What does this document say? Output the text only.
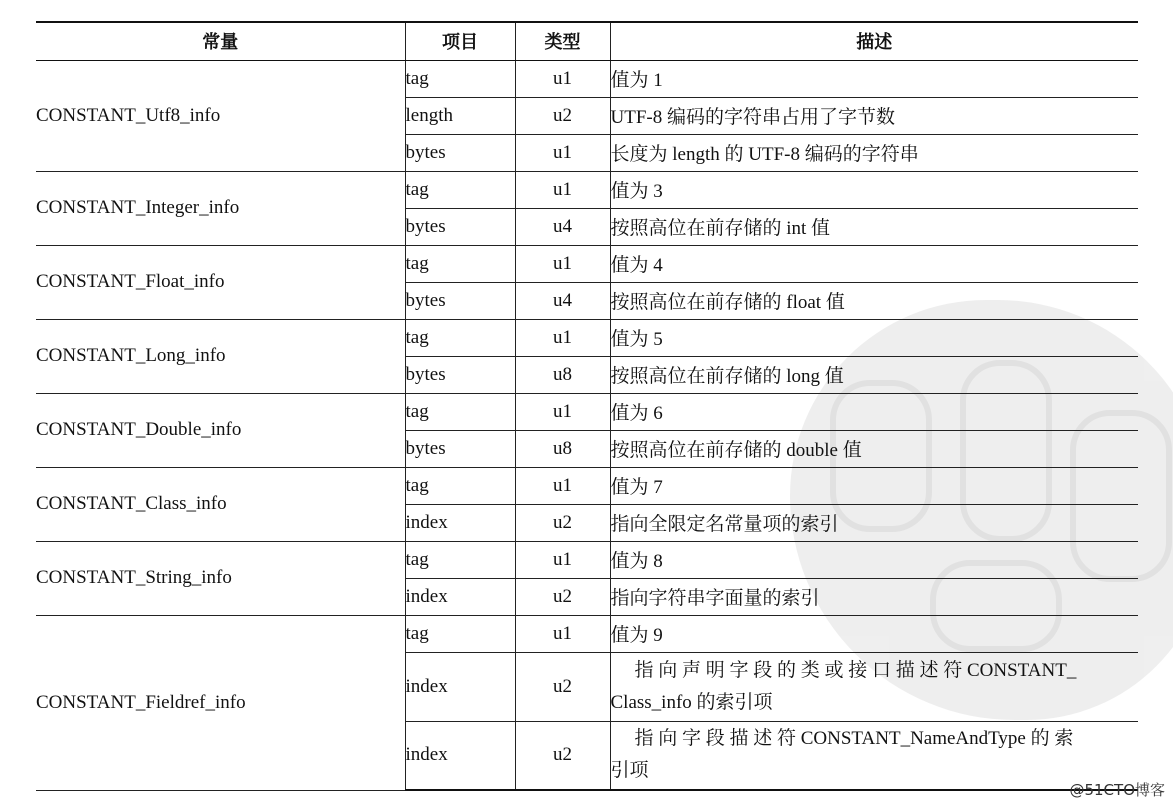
常量	项目	类型	描述
CONSTANT_Utf8_info	tag	u1	值为 1
	length	u2	UTF-8 编码的字符串占用了字节数
	bytes	u1	长度为 length 的 UTF-8 编码的字符串
CONSTANT_Integer_info	tag	u1	值为 3
	bytes	u4	按照高位在前存储的 int 值
CONSTANT_Float_info	tag	u1	值为 4
	bytes	u4	按照高位在前存储的 float 值
CONSTANT_Long_info	tag	u1	值为 5
	bytes	u8	按照高位在前存储的 long 值
CONSTANT_Double_info	tag	u1	值为 6
	bytes	u8	按照高位在前存储的 double 值
CONSTANT_Class_info	tag	u1	值为 7
	index	u2	指向全限定名常量项的索引
CONSTANT_String_info	tag	u1	值为 8
	index	u2	指向字符串字面量的索引
CONSTANT_Fieldref_info	tag	u1	值为 9
	index	u2	指 向 声 明 字 段 的 类 或 接 口 描 述 符 CONSTANT_
Class_info 的索引项

	index	u2	指 向 字 段 描 述 符 CONSTANT_NameAndType 的 索
引项
@51CTO博客
